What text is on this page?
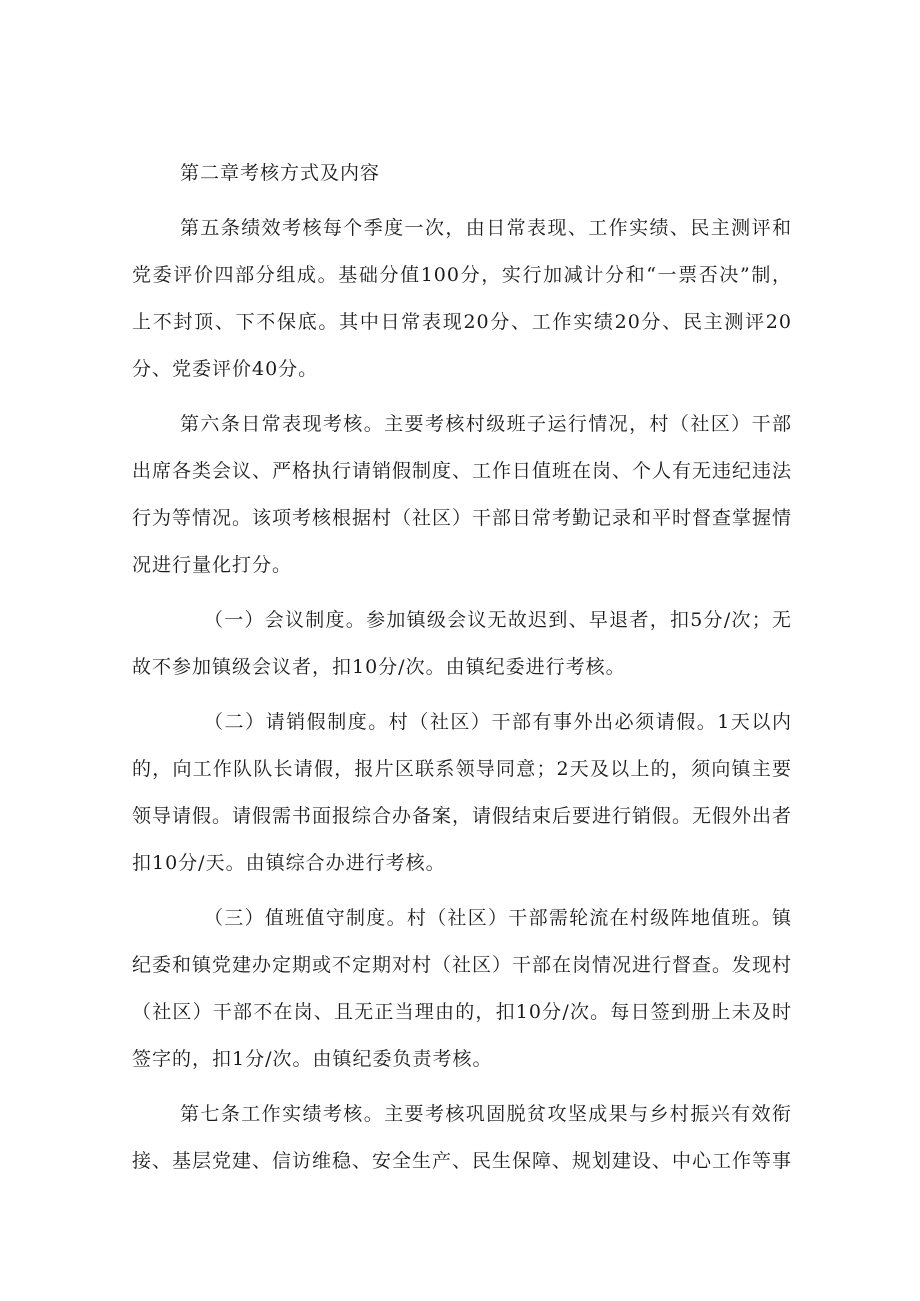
第二章考核方式及内容

第五条绩效考核每个季度一次，由日常表现、工作实绩、民主测评和党委评价四部分组成。基础分值100分，实行加减计分和“一票否决”制，上不封顶、下不保底。其中日常表现20分、工作实绩20分、民主测评20分、党委评价40分。

第六条日常表现考核。主要考核村级班子运行情况，村（社区）干部出席各类会议、严格执行请销假制度、工作日值班在岗、个人有无违纪违法行为等情况。该项考核根据村（社区）干部日常考勤记录和平时督查掌握情况进行量化打分。

（一）会议制度。参加镇级会议无故迟到、早退者，扣5分/次；无故不参加镇级会议者，扣10分/次。由镇纪委进行考核。

（二）请销假制度。村（社区）干部有事外出必须请假。1天以内的，向工作队队长请假，报片区联系领导同意；2天及以上的，须向镇主要领导请假。请假需书面报综合办备案，请假结束后要进行销假。无假外出者扣10分/天。由镇综合办进行考核。

（三）值班值守制度。村（社区）干部需轮流在村级阵地值班。镇纪委和镇党建办定期或不定期对村（社区）干部在岗情况进行督查。发现村（社区）干部不在岗、且无正当理由的，扣10分/次。每日签到册上未及时签字的，扣1分/次。由镇纪委负责考核。

第七条工作实绩考核。主要考核巩固脱贫攻坚成果与乡村振兴有效衔接、基层党建、信访维稳、安全生产、民生保障、规划建设、中心工作等事
